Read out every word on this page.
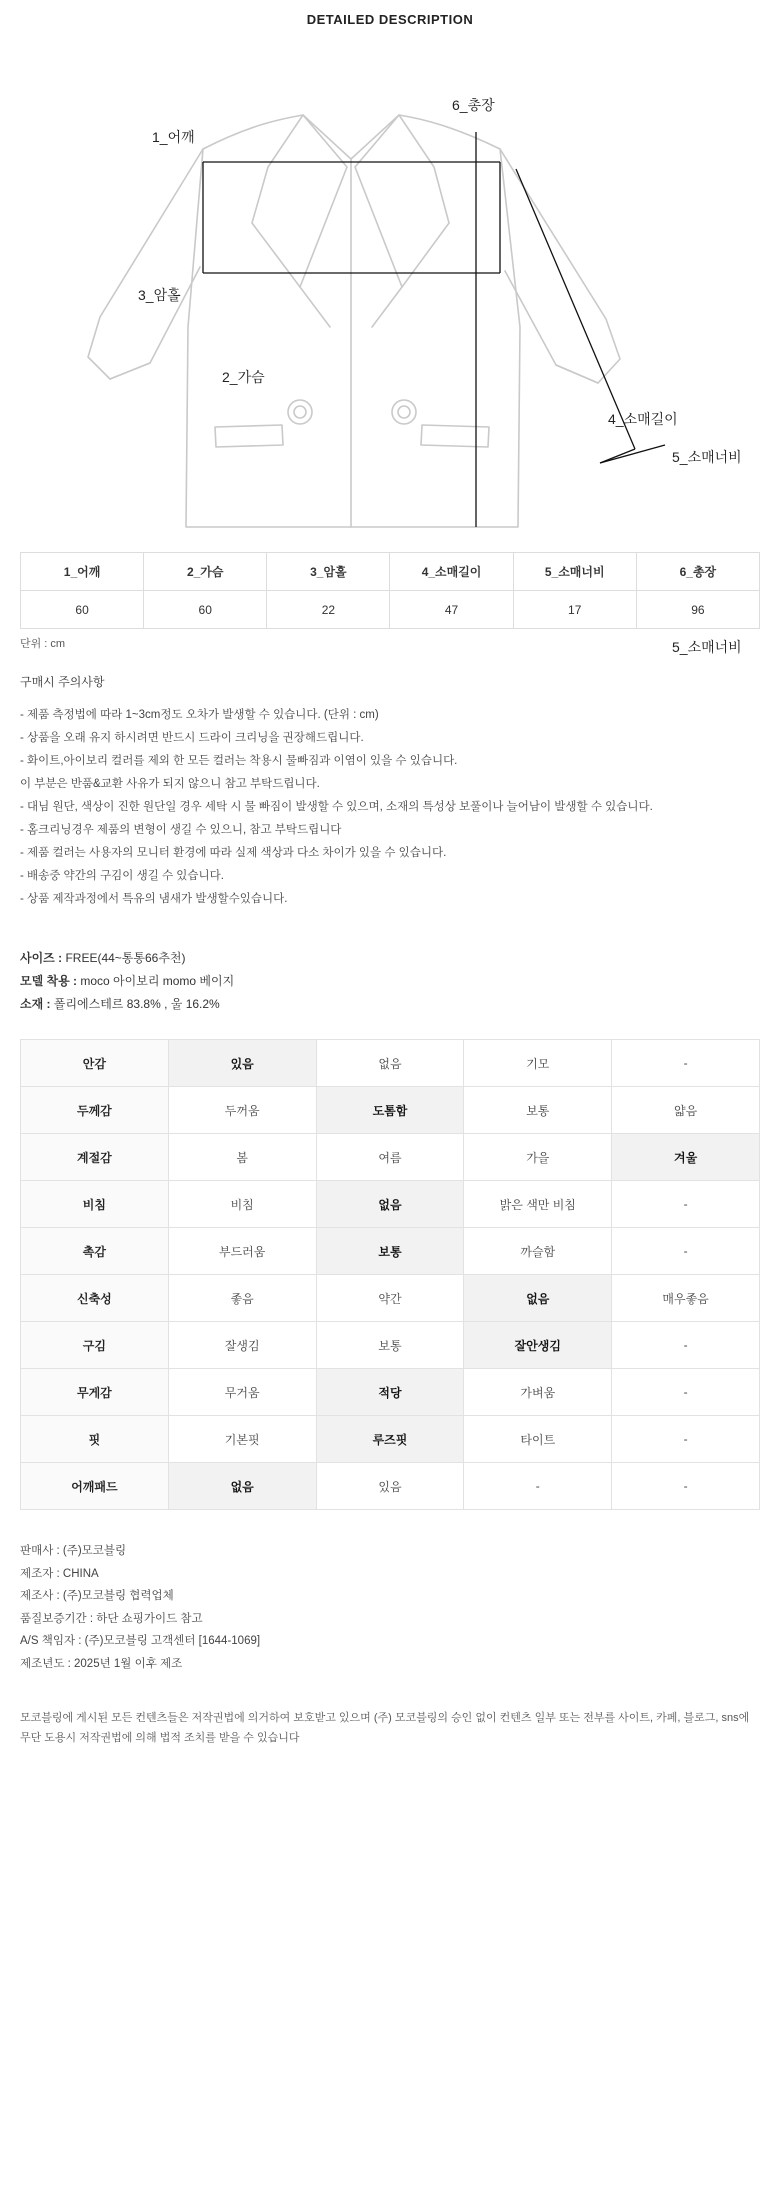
DETAILED DESCRIPTION
1_어깨
2_가슴
3_암홀
4_소매길이
5_소매너비
6_총장
5_소매너비
1_어깨	2_가슴	3_암홀	4_소매길이	5_소매너비	6_총장
60	60	22	47	17	96
단위 : cm
구매시 주의사항
- 제품 측정법에 따라 1~3cm정도 오차가 발생할 수 있습니다. (단위 : cm)
- 상품을 오래 유지 하시려면 반드시 드라이 크리닝을 권장해드립니다.
- 화이트,아이보리 컬러를 제외 한 모든 컬러는 착용시 물빠짐과 이염이 있을 수 있습니다.
이 부분은 반품&교환 사유가 되지 않으니 참고 부탁드립니다.
- 대님 원단, 색상이 진한 원단일 경우 세탁 시 물 빠짐이 발생할 수 있으며, 소재의 특성상 보풀이나 늘어남이 발생할 수 있습니다.
- 홈크리닝경우 제품의 변형이 생길 수 있으니, 참고 부탁드립니다
- 제품 컬러는 사용자의 모니터 환경에 따라 실제 색상과 다소 차이가 있을 수 있습니다.
- 배송중 약간의 구김이 생길 수 있습니다.
- 상품 제작과정에서 특유의 냄새가 발생할수있습니다.
사이즈 : FREE(44~통통66추천)
모델 착용 : moco 아이보리 momo 베이지
소재 : 폴리에스테르 83.8% , 울 16.2%
안감	있음	없음	기모	-
두께감	두꺼움	도톰함	보통	얇음
계절감	봄	여름	가을	겨울
비침	비침	없음	밝은 색만 비침	-
촉감	부드러움	보통	까슬함	-
신축성	좋음	약간	없음	매우좋음
구김	잘생김	보통	잘안생김	-
무게감	무거움	적당	가벼움	-
핏	기본핏	루즈핏	타이트	-
어깨패드	없음	있음	-	-
판매사 : (주)모코블링
제조자 : CHINA
제조사 : (주)모코블링 협력업체
품질보증기간 : 하단 쇼핑가이드 참고
A/S 책임자 : (주)모코블링 고객센터 [1644-1069]
제조년도 : 2025년 1월 이후 제조
모코블링에 게시된 모든 컨텐츠들은 저작권법에 의거하여 보호받고 있으며 (주) 모코블링의 승인 없이 컨텐츠 일부 또는 전부를 사이트, 카페, 블로그, sns에
무단 도용시 저작권법에 의해 법적 조치를 받을 수 있습니다
